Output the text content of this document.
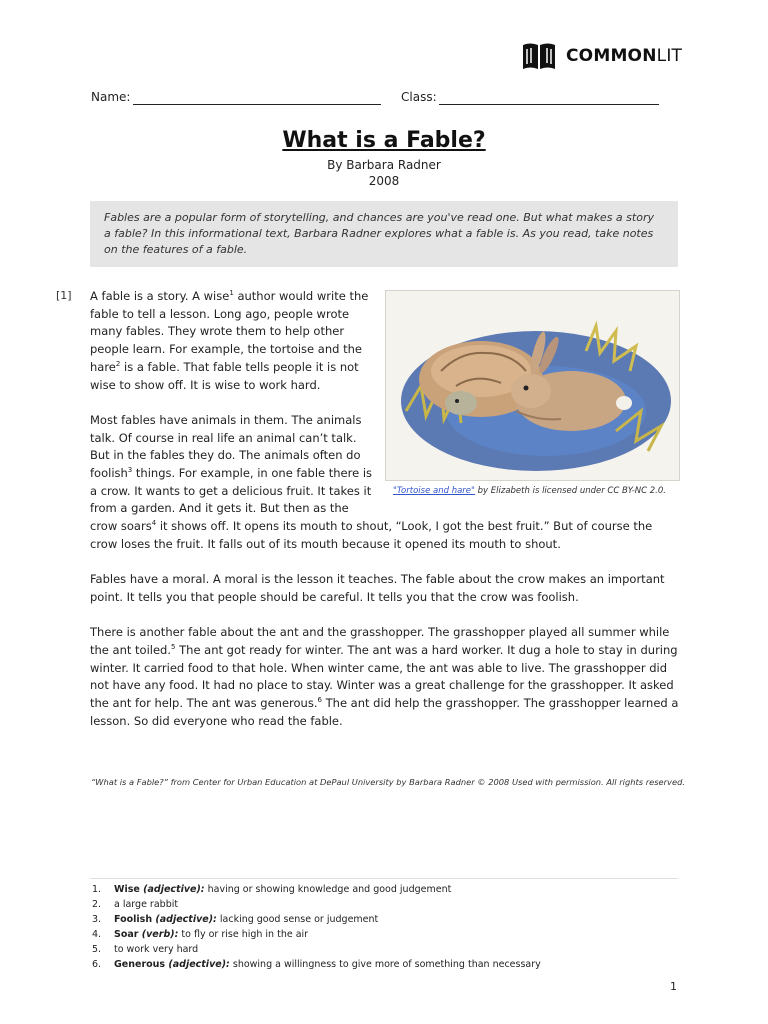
COMMONLIT
Name:	Class:
What is a Fable?
By Barbara Radner
2008
Fables are a popular form of storytelling, and chances are you've read one. But what makes a story a fable? In this informational text, Barbara Radner explores what a fable is. As you read, take notes on the features of a fable.
[1]
"Tortoise and hare" by Elizabeth is licensed under CC BY-NC 2.0.

A fable is a story. A wise$^1$ author would write the fable to tell a lesson. Long ago, people wrote many fables. They wrote them to help other people learn. For example, the tortoise and the hare$^2$ is a fable. That fable tells people it is not wise to show off. It is wise to work hard.

Most fables have animals in them. The animals talk. Of course in real life an animal can’t talk. But in the fables they do. The animals often do foolish$^3$ things. For example, in one fable there is a crow. It wants to get a delicious fruit. It takes it from a garden. And it gets it. But then as the crow soars$^4$ it shows off. It opens its mouth to shout, “Look, I got the best fruit.” But of course the crow loses the fruit. It falls out of its mouth because it opened its mouth to shout.

Fables have a moral. A moral is the lesson it teaches. The fable about the crow makes an important point. It tells you that people should be careful. It tells you that the crow was foolish.

There is another fable about the ant and the grasshopper. The grasshopper played all summer while the ant toiled.$^5$ The ant got ready for winter. The ant was a hard worker. It dug a hole to stay in during winter. It carried food to that hole. When winter came, the ant was able to live. The grasshopper did not have any food. It had no place to stay. Winter was a great challenge for the grasshopper. It asked the ant for help. The ant was generous.$^6$ The ant did help the grasshopper. The grasshopper learned a lesson. So did everyone who read the fable.

“What is a Fable?” from Center for Urban Education at DePaul University by Barbara Radner © 2008 Used with permission. All rights reserved.
1.	Wise (adjective): having or showing knowledge and good judgement
2.	a large rabbit
3.	Foolish (adjective): lacking good sense or judgement
4.	Soar (verb): to fly or rise high in the air
5.	to work very hard
6.	Generous (adjective): showing a willingness to give more of something than necessary
1
